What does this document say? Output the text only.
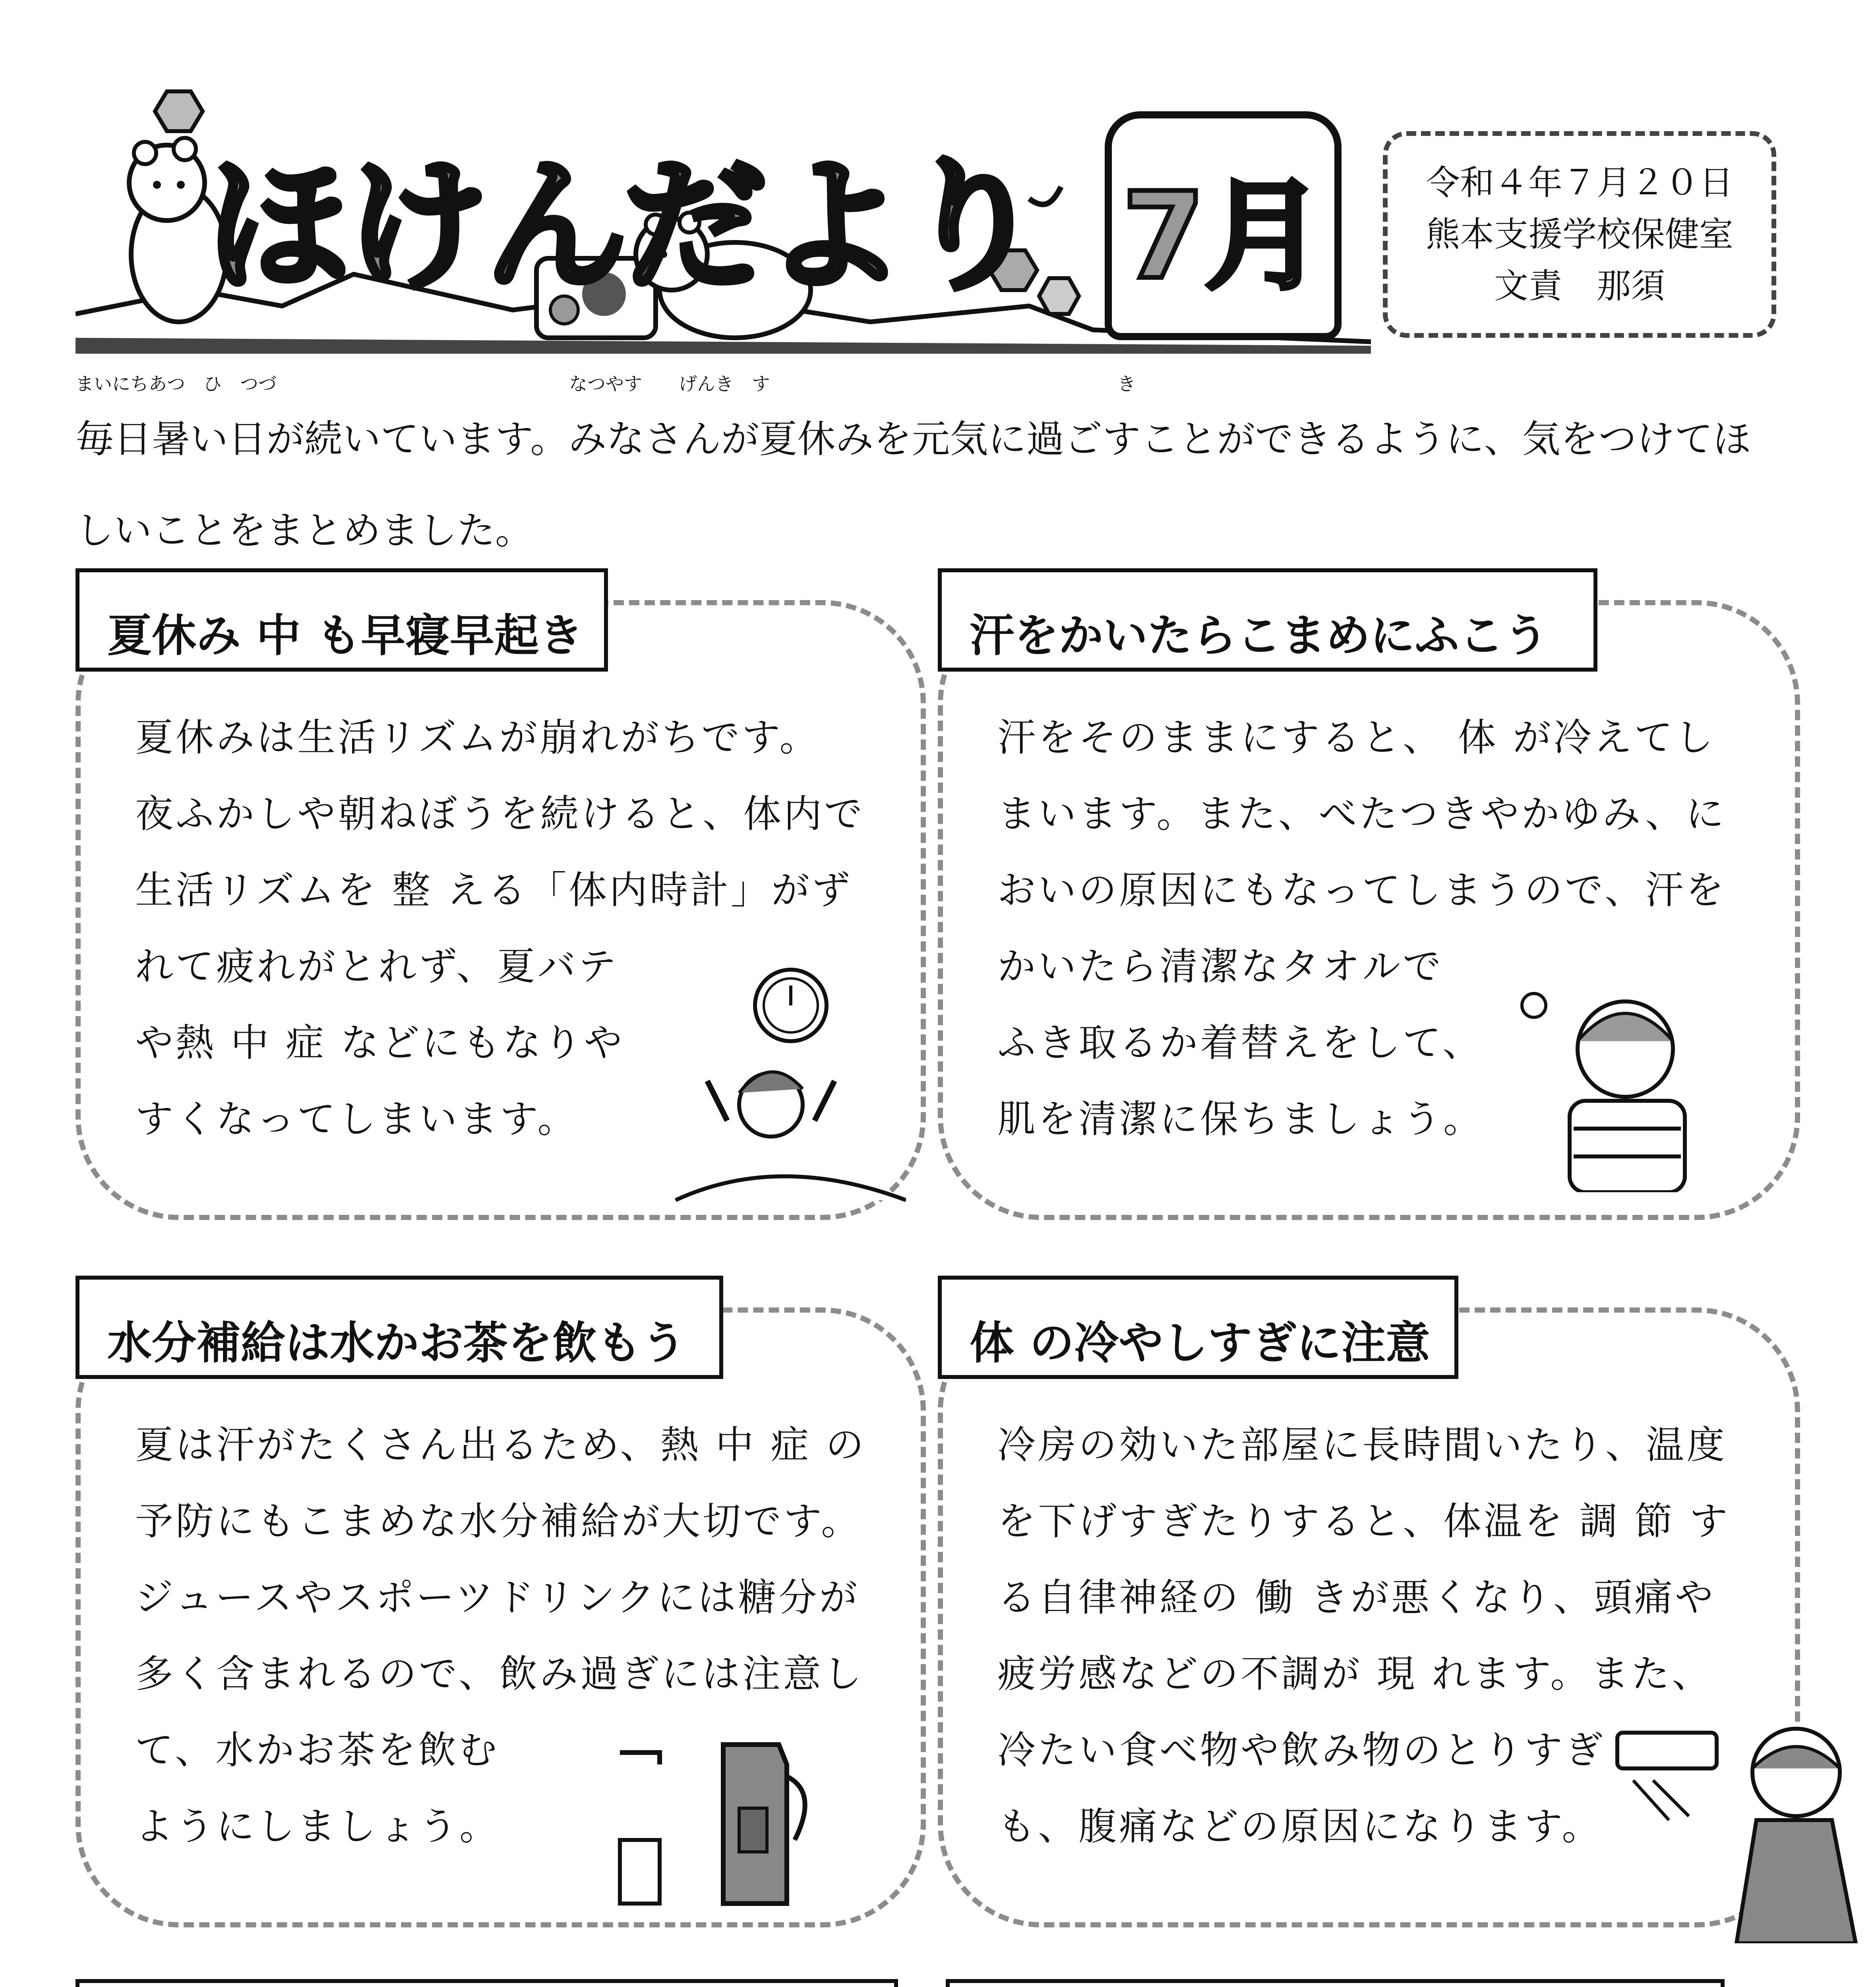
ほけんだより 7月	令和４年７月２０日
熊本支援学校保健室
文責　那須
まいにちあつ　ひ　つづ　　　　　　　　　　　　　　　　なつやす　　げんき　す　　　　　　　　　　　　　　　　　　　き

毎日暑い日が続いています。みなさんが夏休みを元気に過ごすことができるように、気をつけてほ

しいことをまとめました。

夏休み 中 も早寝早起き
夏休みは生活リズムが崩れがちです。
夜ふかしや朝ねぼうを続けると、体内で
生活リズムを 整 える「体内時計」がず
れて疲れがとれず、夏バテ
や熱 中 症 などにもなりや
すくなってしまいます。
汗をかいたらこまめにふこう
汗をそのままにすると、 体 が冷えてし
まいます。また、べたつきやかゆみ、に
おいの原因にもなってしまうので、汗を
かいたら清潔なタオルで
ふき取るか着替えをして、
肌を清潔に保ちましょう。
水分補給は水かお茶を飲もう
夏は汗がたくさん出るため、熱 中 症 の
予防にもこまめな水分補給が大切です。
ジュースやスポーツドリンクには糖分が
多く含まれるので、飲み過ぎには注意し
て、水かお茶を飲む
ようにしましょう。
体 の冷やしすぎに注意
冷房の効いた部屋に長時間いたり、温度
を下げすぎたりすると、体温を 調 節 す
る自律神経の 働 きが悪くなり、頭痛や
疲労感などの不調が 現 れます。また、
冷たい食べ物や飲み物のとりすぎ
も、腹痛などの原因になります。
